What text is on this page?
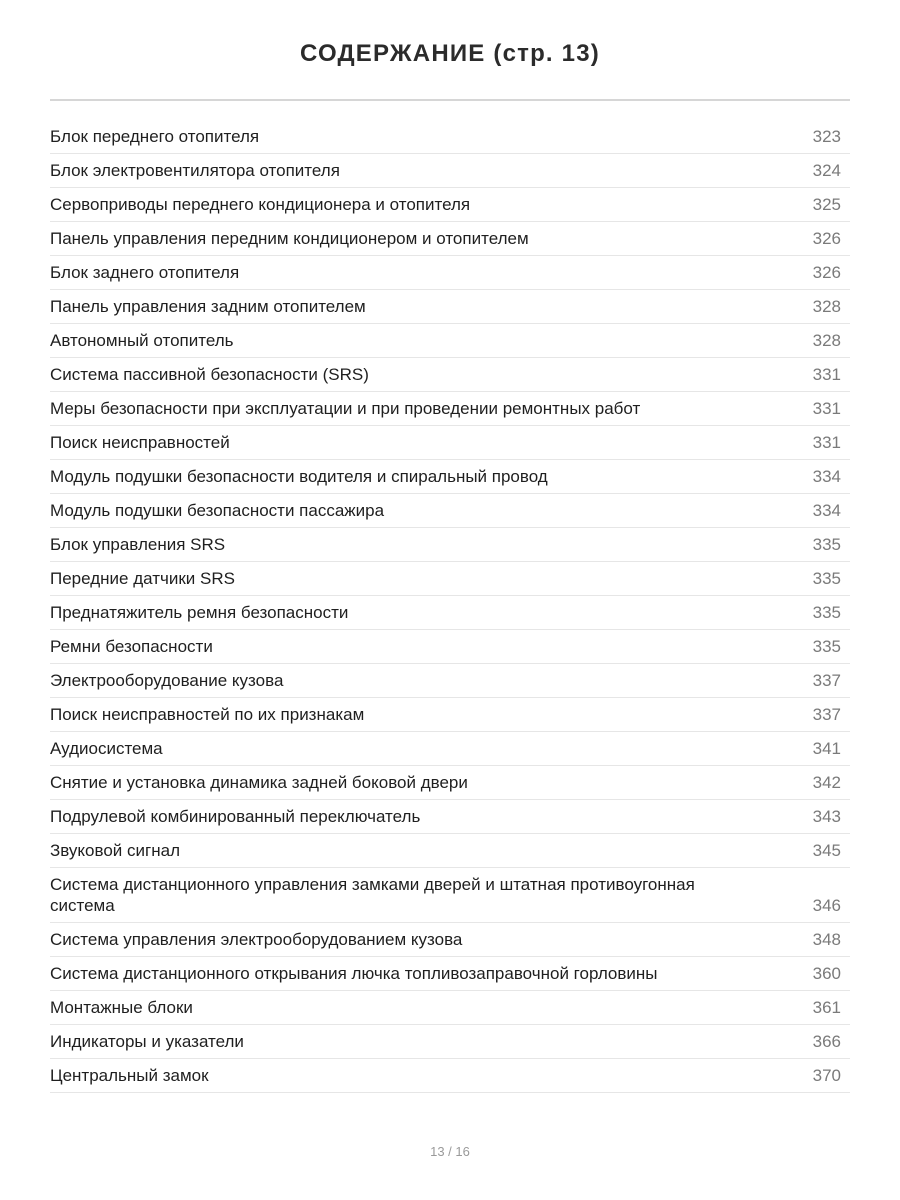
СОДЕРЖАНИЕ (стр. 13)
Блок переднего отопителя	323
Блок электровентилятора отопителя	324
Сервоприводы переднего кондиционера и отопителя	325
Панель управления передним кондиционером и отопителем	326
Блок заднего отопителя	326
Панель управления задним отопителем	328
Автономный отопитель	328
Система пассивной безопасности (SRS)	331
Меры безопасности при эксплуатации и при проведении ремонтных работ	331
Поиск неисправностей	331
Модуль подушки безопасности водителя и спиральный провод	334
Модуль подушки безопасности пассажира	334
Блок управления SRS	335
Передние датчики SRS	335
Преднатяжитель ремня безопасности	335
Ремни безопасности	335
Электрооборудование кузова	337
Поиск неисправностей по их признакам	337
Аудиосистема	341
Снятие и установка динамика задней боковой двери	342
Подрулевой комбинированный переключатель	343
Звуковой сигнал	345
Система дистанционного управления замками дверей и штатная противоугонная система	346
Система управления электрооборудованием кузова	348
Система дистанционного открывания лючка топливозаправочной горловины	360
Монтажные блоки	361
Индикаторы и указатели	366
Центральный замок	370
13 / 16
